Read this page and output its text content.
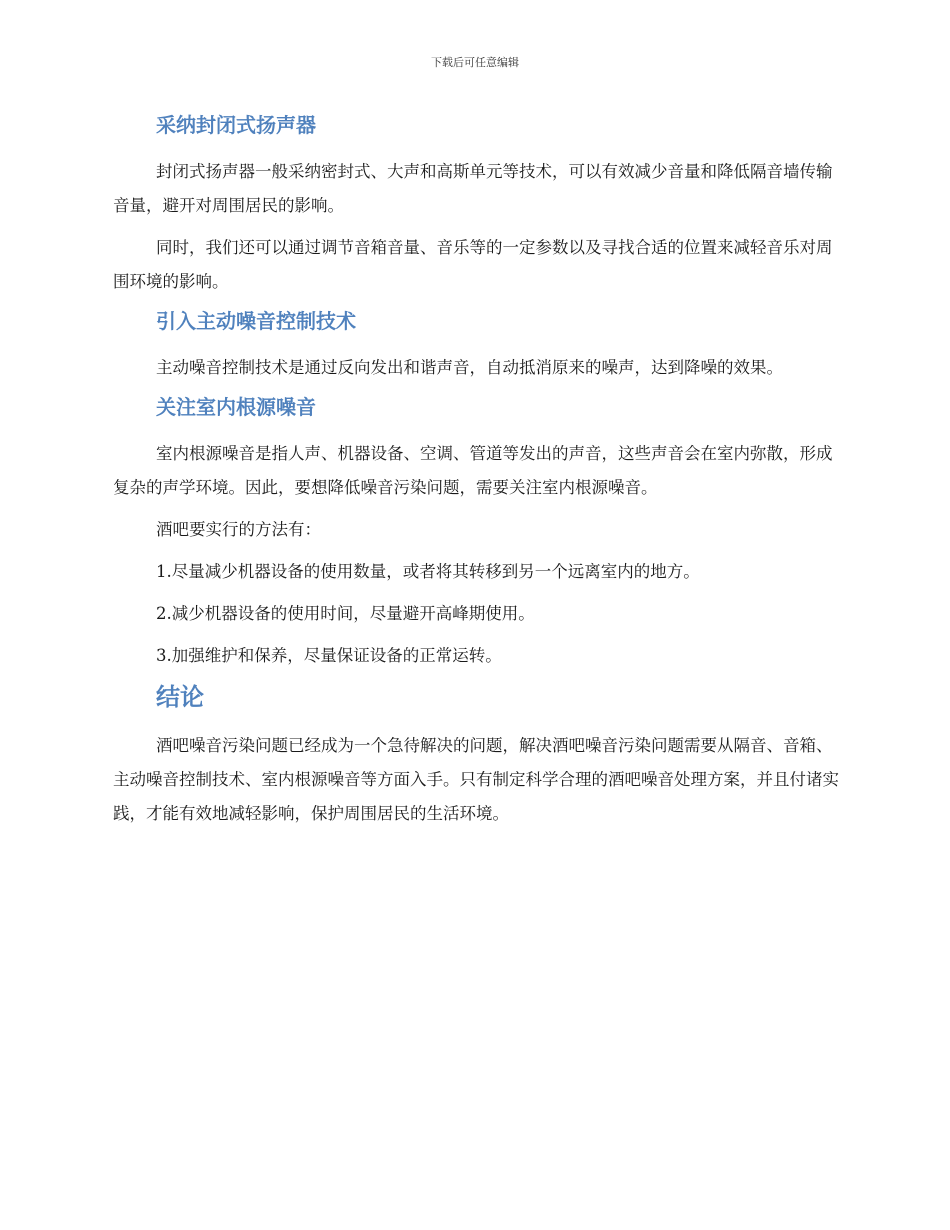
下载后可任意编辑
采纳封闭式扬声器

封闭式扬声器一般采纳密封式、大声和高斯单元等技术，可以有效减少音量和降低隔音墙传输音量，避开对周围居民的影响。

同时，我们还可以通过调节音箱音量、音乐等的一定参数以及寻找合适的位置来减轻音乐对周围环境的影响。

引入主动噪音控制技术

主动噪音控制技术是通过反向发出和谐声音，自动抵消原来的噪声，达到降噪的效果。

关注室内根源噪音

室内根源噪音是指人声、机器设备、空调、管道等发出的声音，这些声音会在室内弥散，形成复杂的声学环境。因此，要想降低噪音污染问题，需要关注室内根源噪音。

酒吧要实行的方法有：

1.尽量减少机器设备的使用数量，或者将其转移到另一个远离室内的地方。

2.减少机器设备的使用时间，尽量避开高峰期使用。

3.加强维护和保养，尽量保证设备的正常运转。

结论

酒吧噪音污染问题已经成为一个急待解决的问题，解决酒吧噪音污染问题需要从隔音、音箱、主动噪音控制技术、室内根源噪音等方面入手。只有制定科学合理的酒吧噪音处理方案，并且付诸实践，才能有效地减轻影响，保护周围居民的生活环境。
